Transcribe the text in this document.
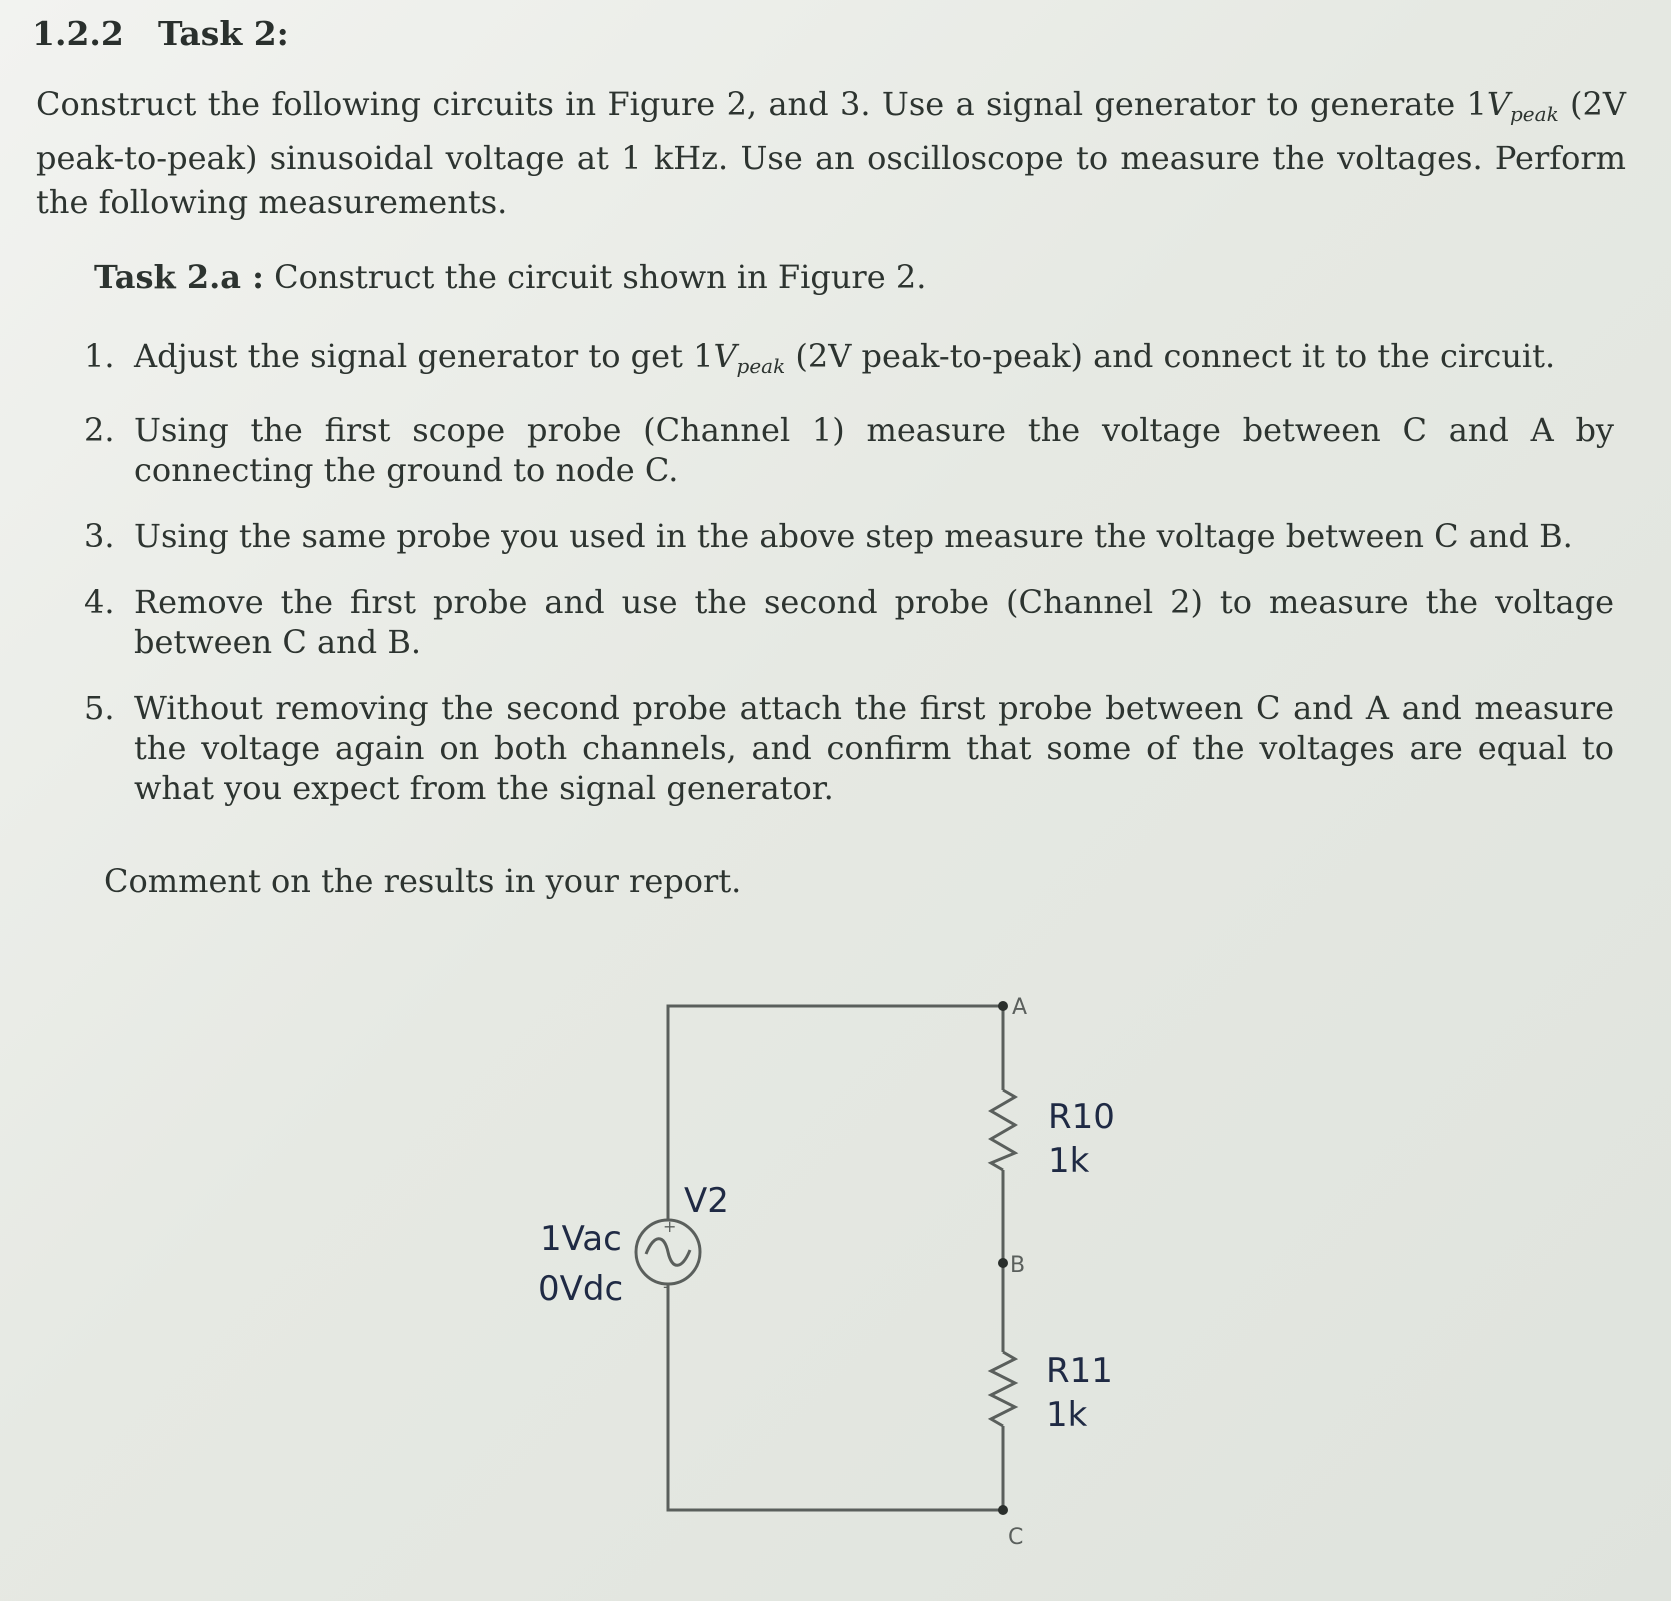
1.2.2 Task 2:
Construct the following circuits in Figure 2, and 3. Use a signal generator to generate $1V_{peak}$ (2V peak-to-peak) sinusoidal voltage at 1 kHz. Use an oscilloscope to measure the voltages. Perform the following measurements.
Task 2.a : Construct the circuit shown in Figure 2.
1. Adjust the signal generator to get $1V_{peak}$ (2V peak-to-peak) and connect it to the circuit.
2. Using the first scope probe (Channel 1) measure the voltage between C and A by connecting the ground to node C.
3. Using the same probe you used in the above step measure the voltage between C and B.
4. Remove the first probe and use the second probe (Channel 2) to measure the voltage between C and B.
5. Without removing the second probe attach the first probe between C and A and measure the voltage again on both channels, and confirm that some of the voltages are equal to what you expect from the signal generator.
Comment on the results in your report.
+
-
A
B
C
R10
1k
R11
1k
V2
1Vac
0Vdc
